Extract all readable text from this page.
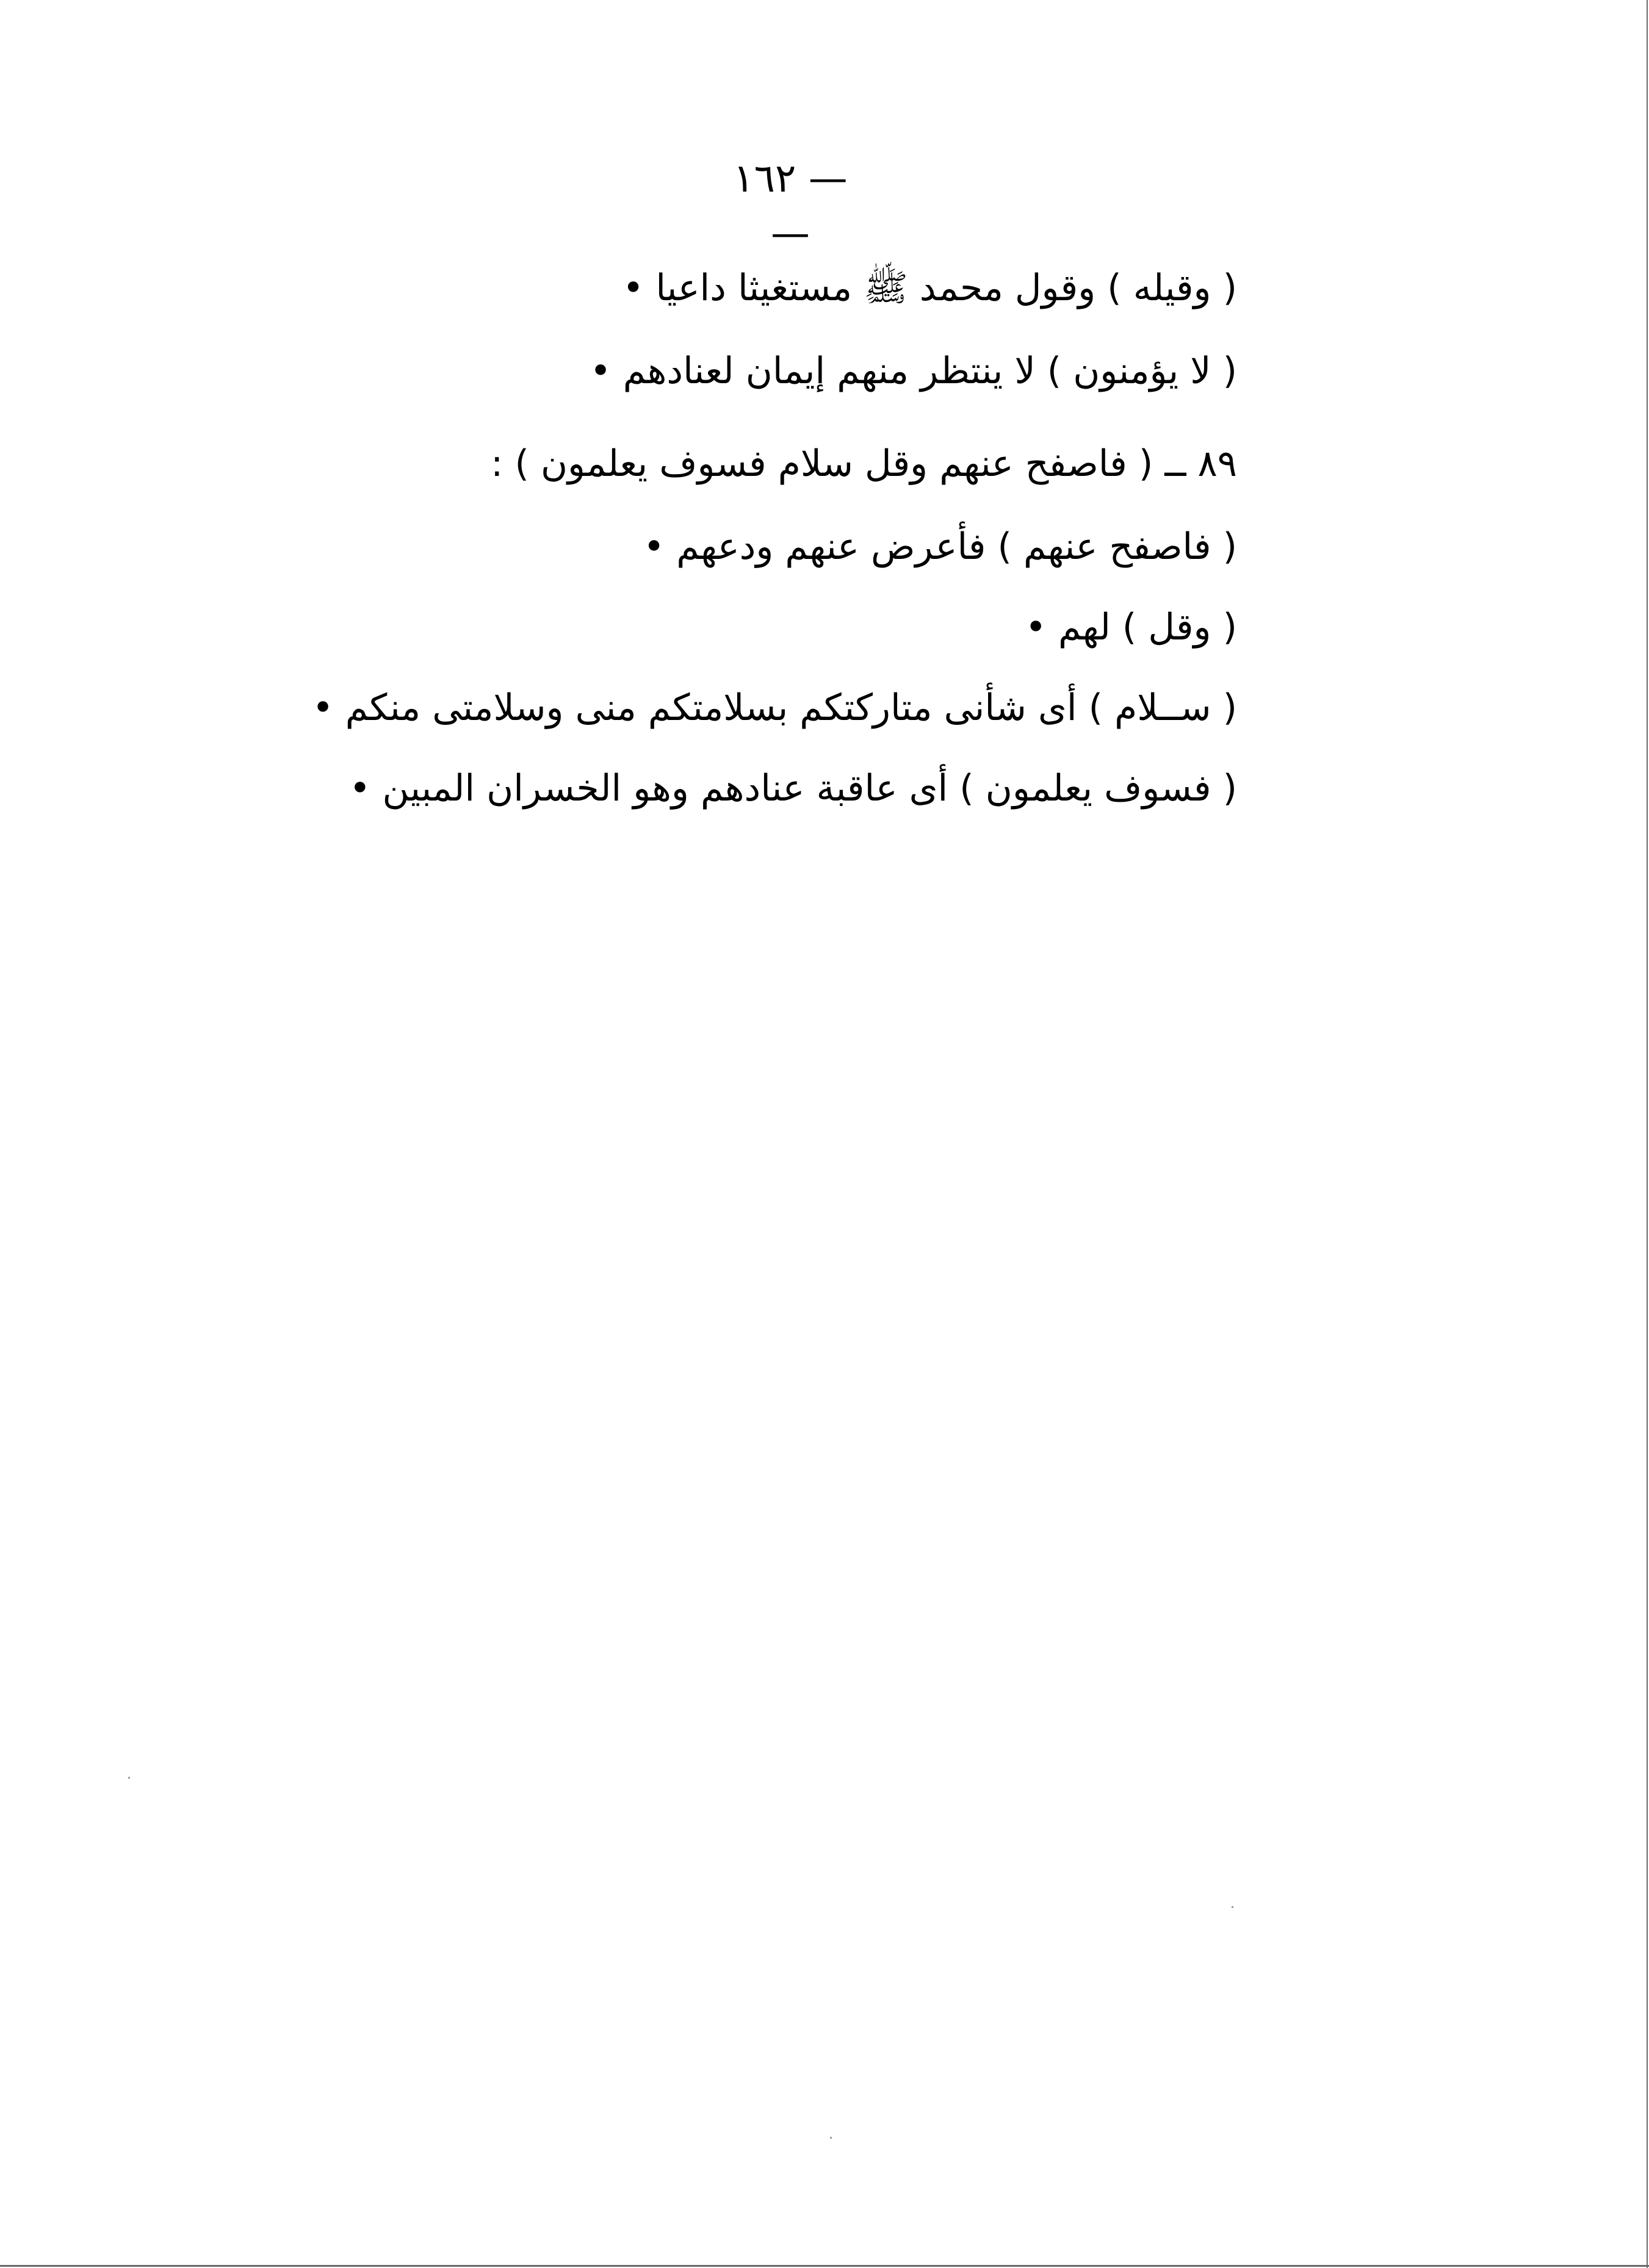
— ١٦٢ —
( وقيله ) وقول محمد ﷺ مستغيثا داعيا •
( لا يؤمنون ) لا ينتظر منهم إيمان لعنادهم •
٨٩ ــ ( فاصفح عنهم وقل سلام فسوف يعلمون ) :
( فاصفح عنهم ) فأعرض عنهم ودعهم •
( وقل ) لهم •
( ســلام ) أى شأنى متاركتكم بسلامتكم منى وسلامتى منكم •
( فسوف يعلمون ) أى عاقبة عنادهم وهو الخسران المبين •
